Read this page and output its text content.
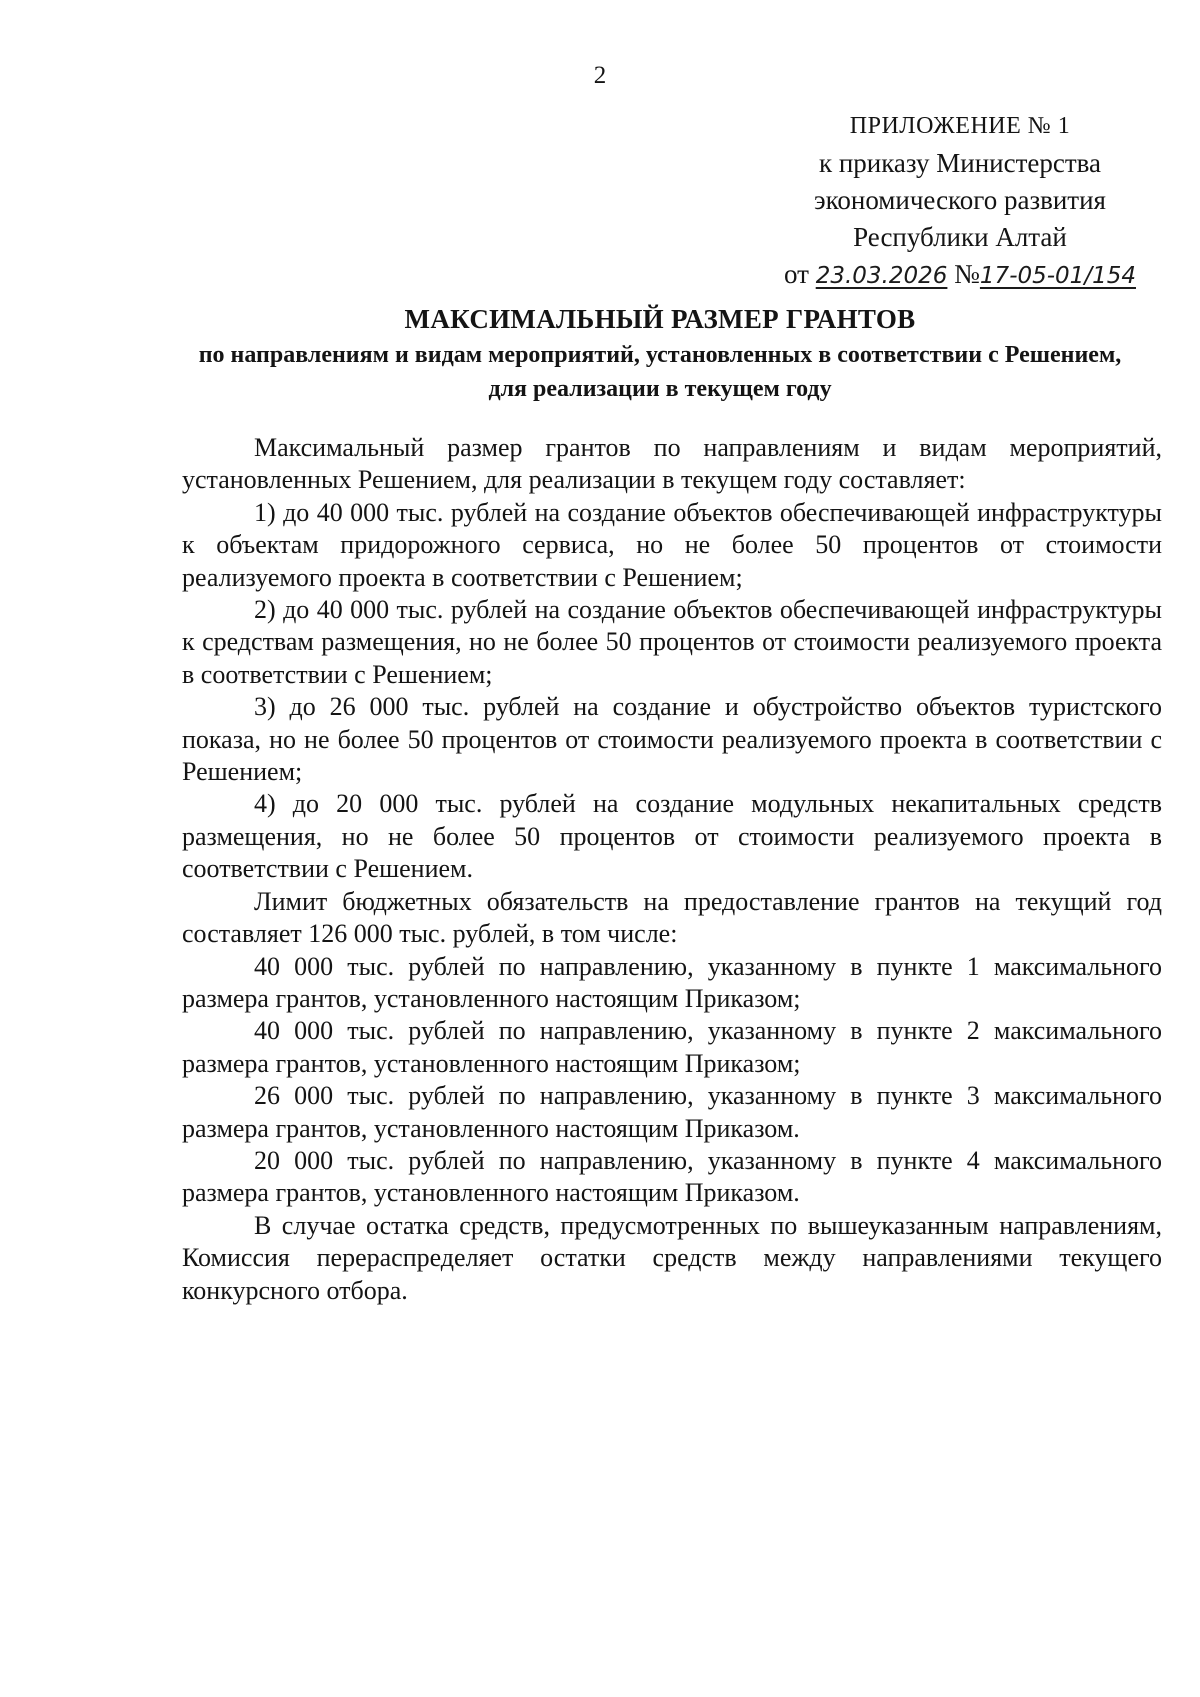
2
ПРИЛОЖЕНИЕ № 1
к приказу Министерства
экономического развития
Республики Алтай
от 23.03.2026 №17-05-01/154
МАКСИМАЛЬНЫЙ РАЗМЕР ГРАНТОВ
по направлениям и видам мероприятий, установленных в соответствии с Решением, для реализации в текущем году

Максимальный размер грантов по направлениям и видам мероприятий, установленных Решением, для реализации в текущем году составляет:

1) до 40 000 тыс. рублей на создание объектов обеспечивающей инфраструктуры к объектам придорожного сервиса, но не более 50 процентов от стоимости реализуемого проекта в соответствии с Решением;

2) до 40 000 тыс. рублей на создание объектов обеспечивающей инфраструктуры к средствам размещения, но не более 50 процентов от стоимости реализуемого проекта в соответствии с Решением;

3) до 26 000 тыс. рублей на создание и обустройство объектов туристского показа, но не более 50 процентов от стоимости реализуемого проекта в соответствии с Решением;

4) до 20 000 тыс. рублей на создание модульных некапитальных средств размещения, но не более 50 процентов от стоимости реализуемого проекта в соответствии с Решением.

Лимит бюджетных обязательств на предоставление грантов на текущий год составляет 126 000 тыс. рублей, в том числе:

40 000 тыс. рублей по направлению, указанному в пункте 1 максимального размера грантов, установленного настоящим Приказом;

40 000 тыс. рублей по направлению, указанному в пункте 2 максимального размера грантов, установленного настоящим Приказом;

26 000 тыс. рублей по направлению, указанному в пункте 3 максимального размера грантов, установленного настоящим Приказом.

20 000 тыс. рублей по направлению, указанному в пункте 4 максимального размера грантов, установленного настоящим Приказом.

В случае остатка средств, предусмотренных по вышеуказанным направлениям, Комиссия перераспределяет остатки средств между направлениями текущего конкурсного отбора.
